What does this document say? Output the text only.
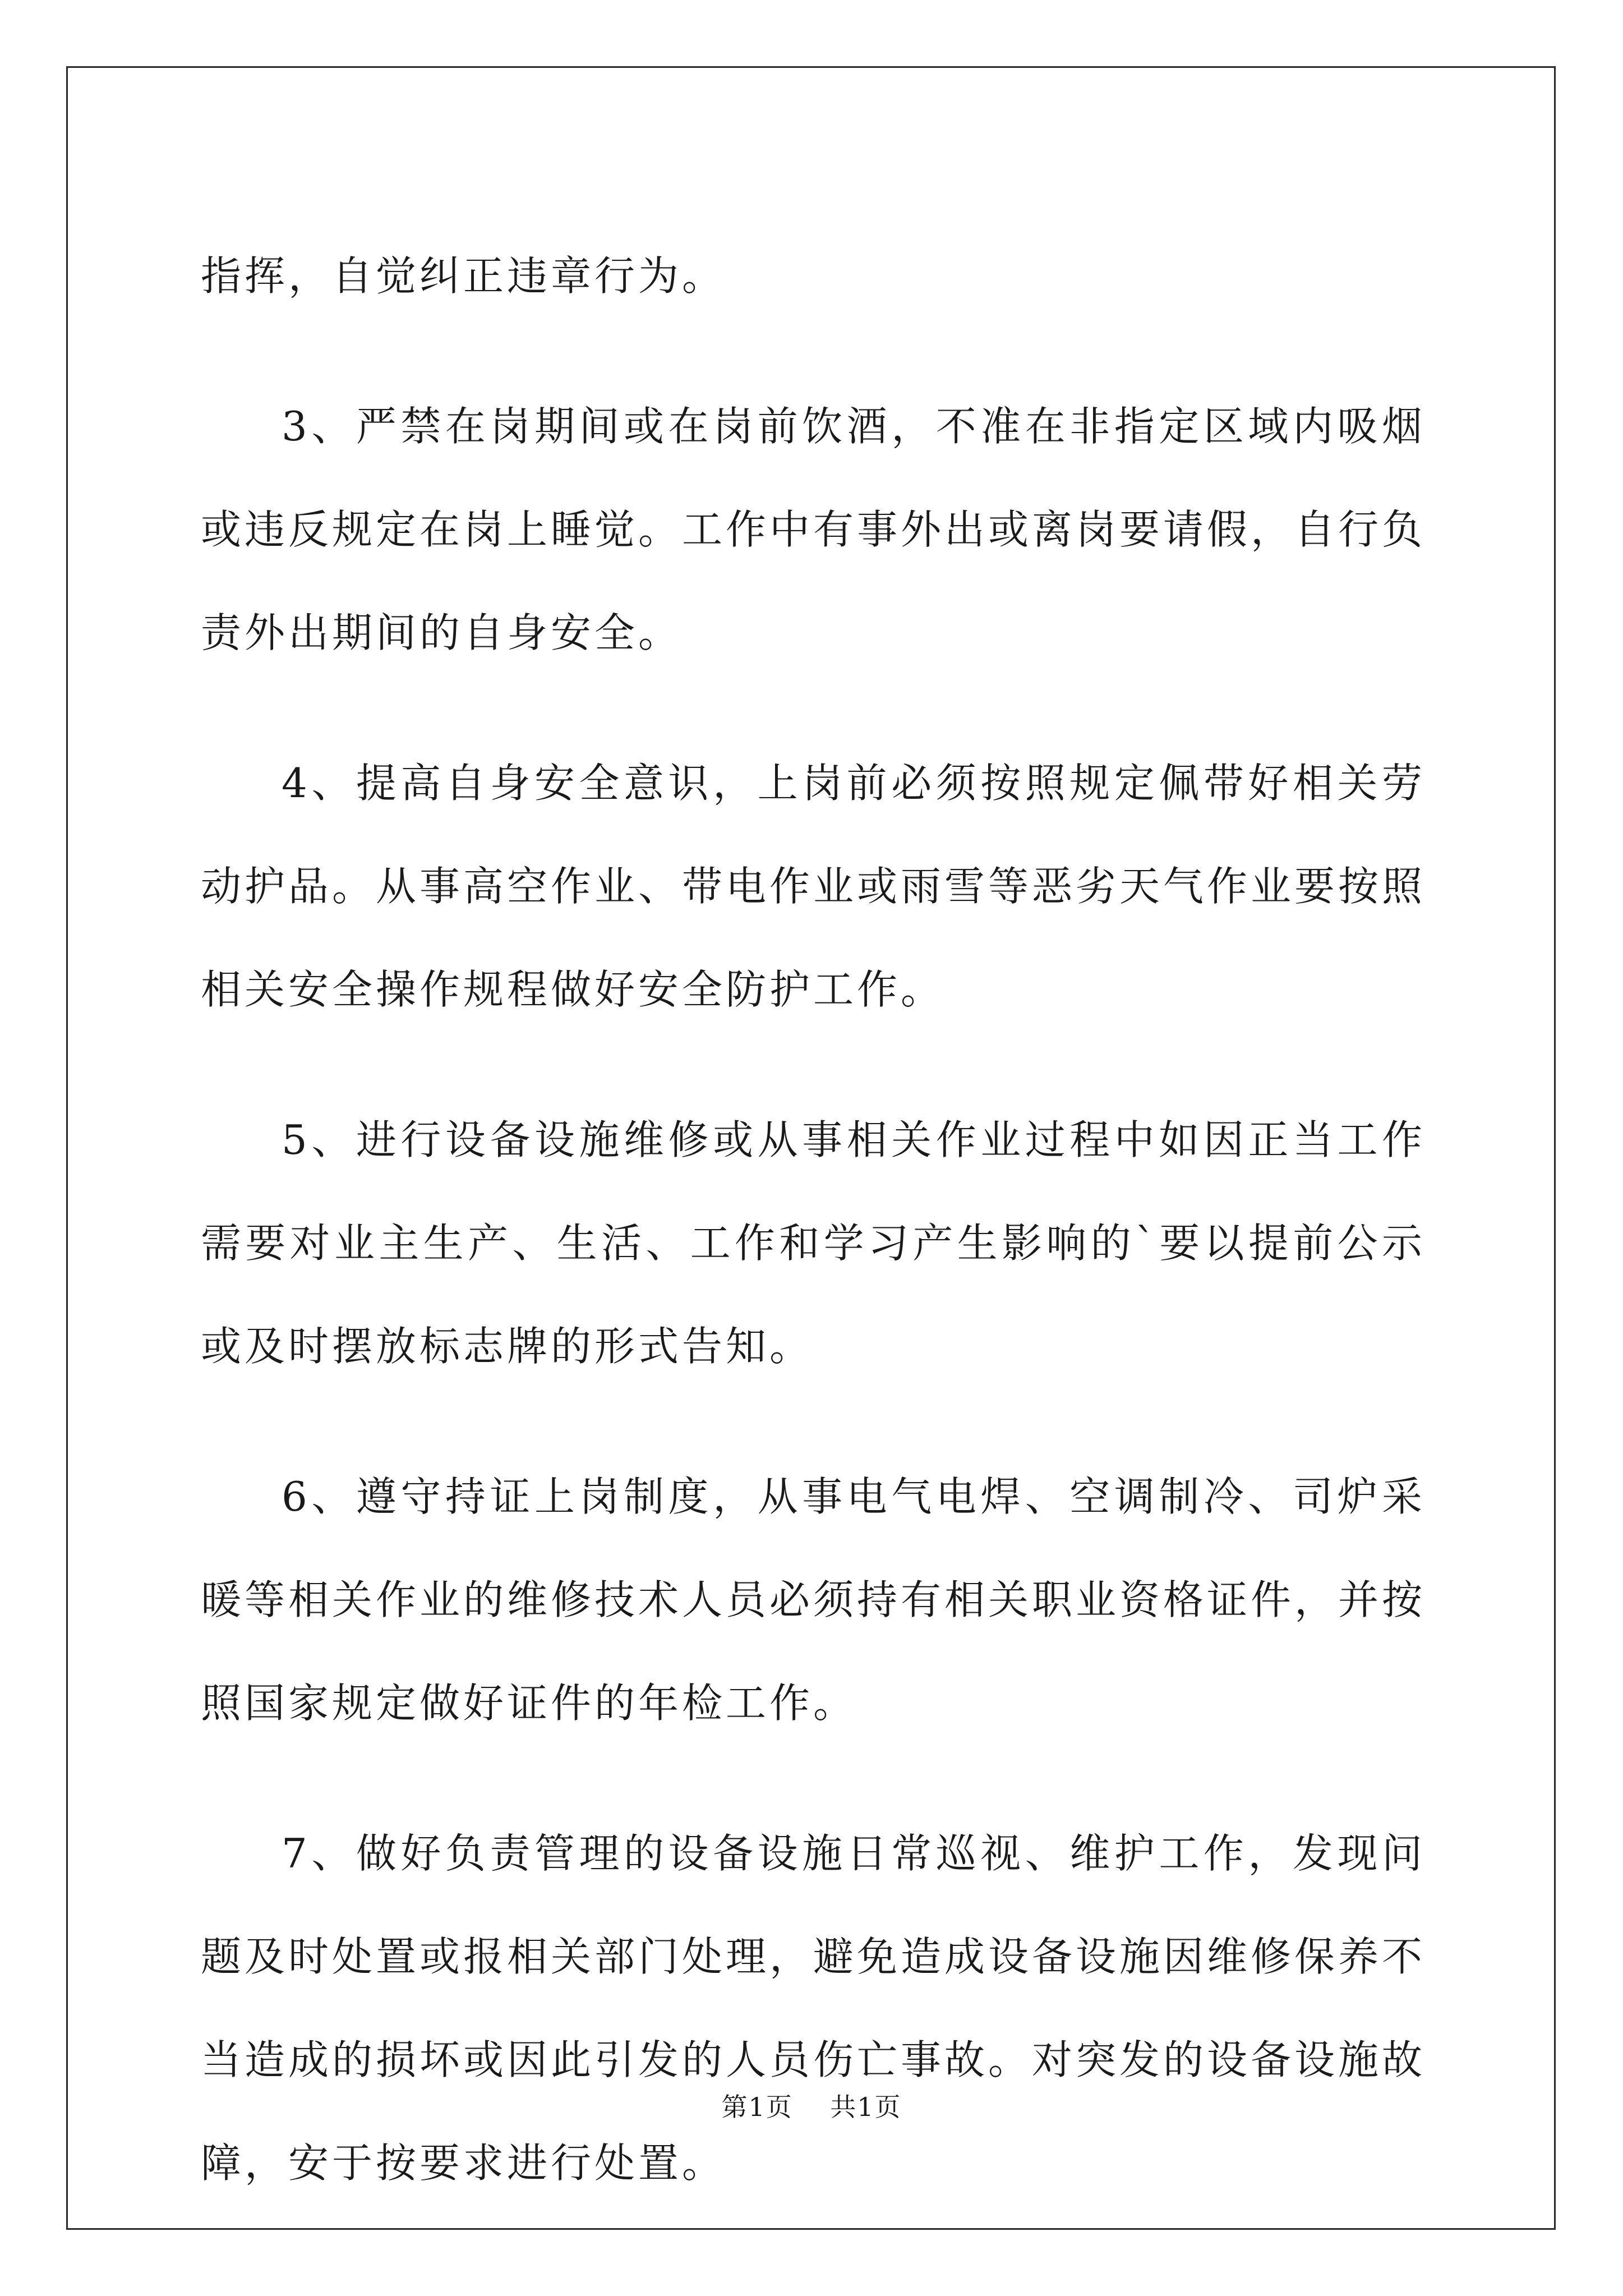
指挥，自觉纠正违章行为。

3、严禁在岗期间或在岗前饮酒，不准在非指定区域内吸烟或违反规定在岗上睡觉。工作中有事外出或离岗要请假，自行负责外出期间的自身安全。

4、提高自身安全意识，上岗前必须按照规定佩带好相关劳动护品。从事高空作业、带电作业或雨雪等恶劣天气作业要按照相关安全操作规程做好安全防护工作。

5、进行设备设施维修或从事相关作业过程中如因正当工作需要对业主生产、生活、工作和学习产生影响的`要以提前公示或及时摆放标志牌的形式告知。

6、遵守持证上岗制度，从事电气电焊、空调制冷、司炉采暖等相关作业的维修技术人员必须持有相关职业资格证件，并按照国家规定做好证件的年检工作。

7、做好负责管理的设备设施日常巡视、维护工作，发现问题及时处置或报相关部门处理，避免造成设备设施因维修保养不当造成的损坏或因此引发的人员伤亡事故。对突发的设备设施故障，安于按要求进行处置。

第1页 共1页
